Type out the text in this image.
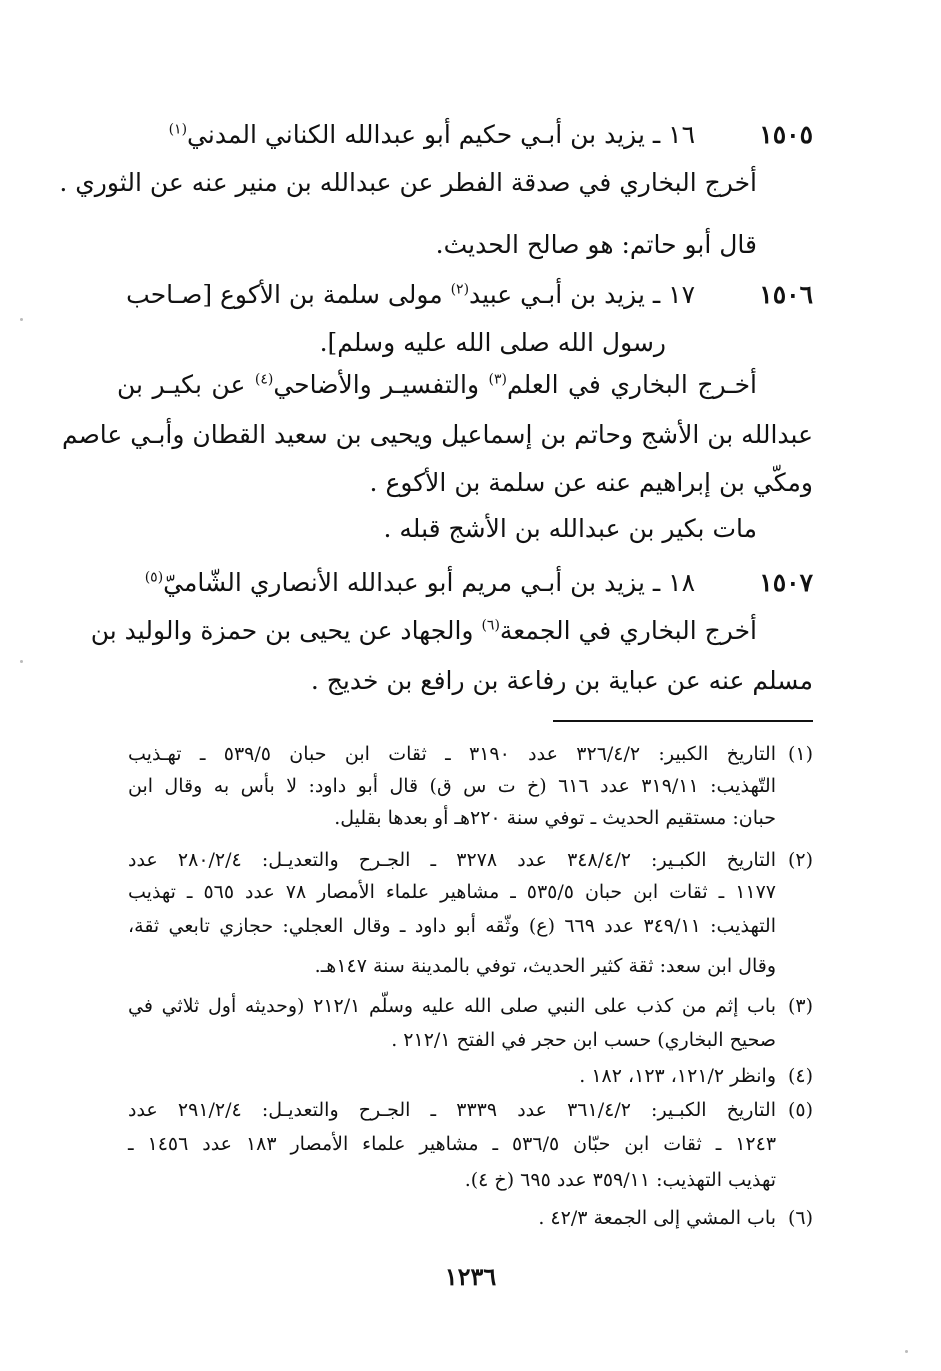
١٥٠٥
١٦ ـ يزيد بن أبـي حكيم أبو عبدالله الكناني المدني$^{(١)}$
أخرج البخاري في صدقة الفطر عن عبدالله بن منير عنه عن الثوري .
قال أبو حاتم: هو صالح الحديث.
١٥٠٦
١٧ ـ يزيد بن أبـي عبيد$^{(٢)}$ مولى سلمة بن الأكوع [صـاحب
رسول الله صلى الله عليه وسلم].
أخـرج البخاري في العلم$^{(٣)}$ والتفسيـر والأضاحي$^{(٤)}$ عن بكيـر بن
عبدالله بن الأشج وحاتم بن إسماعيل ويحيى بن سعيد القطان وأبـي عاصم
ومكّي بن إبراهيم عنه عن سلمة بن الأكوع .
مات بكير بن عبدالله بن الأشج قبله .
١٥٠٧
١٨ ـ يزيد بن أبـي مريم أبو عبدالله الأنصاري الشّاميّ$^{(٥)}$
أخرج البخاري في الجمعة$^{(٦)}$ والجهاد عن يحيى بن حمزة والوليد بن
مسلم عنه عن عباية بن رفاعة بن رافع بن خديج .
(١)
التاريخ الكبير: ٣٢٦/٤/٢ عدد ٣١٩٠ ـ ثقات ابن حبان ٥٣٩/٥ ـ تهـذيب
التّهذيب: ٣١٩/١١ عدد ٦١٦ (خ ت س ق) قال أبو داود: لا بأس به وقال ابن
حبان: مستقيم الحديث ـ توفي سنة ٢٢٠هـ أو بعدها بقليل.
(٢)
التاريخ الكبـير: ٣٤٨/٤/٢ عدد ٣٢٧٨ ـ الجـرح والتعديـل: ٢٨٠/٢/٤ عدد
١١٧٧ ـ ثقات ابن حبان ٥٣٥/٥ ـ مشاهير علماء الأمصار ٧٨ عدد ٥٦٥ ـ تهذيب
التهذيب: ٣٤٩/١١ عدد ٦٦٩ (ع) وثّقه أبو داود ـ وقال العجلي: حجازي تابعي ثقة،
وقال ابن سعد: ثقة كثير الحديث، توفي بالمدينة سنة ١٤٧هـ.
(٣)
باب إثم من كذب على النبي صلى الله عليه وسلّم ٢١٢/١ (وحديثه أول ثلاثي في
صحيح البخاري) حسب ابن حجر في الفتح ٢١٢/١ .
(٤)
وانظر ١٢١/٢، ١٢٣، ١٨٢ .
(٥)
التاريخ الكبـير: ٣٦١/٤/٢ عدد ٣٣٣٩ ـ الجـرح والتعديـل: ٢٩١/٢/٤ عدد
١٢٤٣ ـ ثقات ابن حبّان ٥٣٦/٥ ـ مشاهير علماء الأمصار ١٨٣ عدد ١٤٥٦ ـ
تهذيب التهذيب: ٣٥٩/١١ عدد ٦٩٥ (خ ٤).
(٦)
باب المشي إلى الجمعة ٤٢/٣ .
١٢٣٦
